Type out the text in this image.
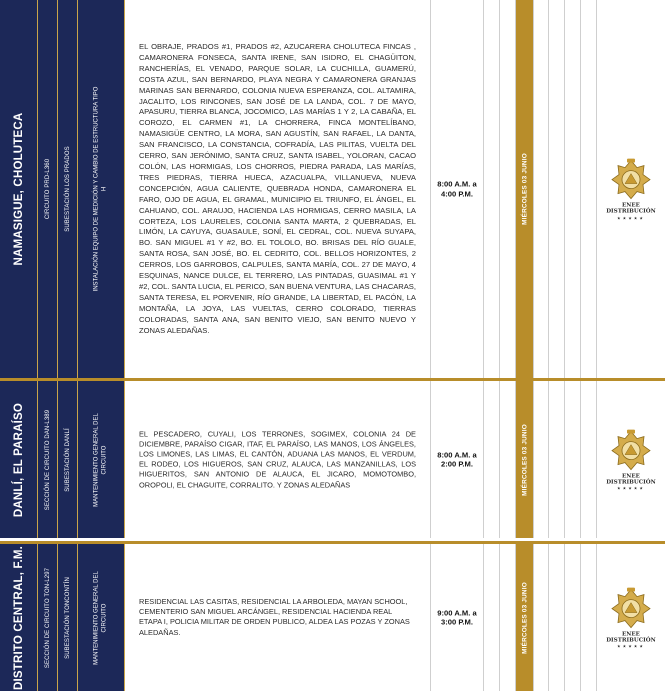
NAMASIGUE, CHOLUTECA	CIRCUITO PRD-L360 SUBESTACIÓN LOS PRADOS	INSTALACIÓN EQUIPO DE MEDICIÓN Y CAMBIO DE ESTRUCTURA TIPO H

EL OBRAJE, PRADOS #1, PRADOS #2, AZUCARERA CHOLUTECA FINCAS , CAMARONERA FONSECA, SANTA IRENE, SAN ISIDRO, EL CHAGÜITON, RANCHERÍAS, EL VENADO, PARQUE SOLAR, LA CUCHILLA, GUAMERÚ, COSTA AZUL, SAN BERNARDO, PLAYA NEGRA Y CAMARONERA GRANJAS MARINAS SAN BERNARDO, COLONIA NUEVA ESPERANZA, COL. ALTAMIRA, JACALITO, LOS RINCONES, SAN JOSÉ DE LA LANDA, COL. 7 DE MAYO, APASURU, TIERRA BLANCA, JOCOMICO, LAS MARÍAS 1 Y 2, LA CABAÑA, EL COROZO, EL CARMEN #1, LA CHORRERA, FINCA MONTELÍBANO, NAMASIGÜE CENTRO, LA MORA, SAN AGUSTÍN, SAN RAFAEL, LA DANTA, SAN FRANCISCO, LA CONSTANCIA, COFRADÍA, LAS PILITAS, VUELTA DEL CERRO, SAN JERÓNIMO, SANTA CRUZ, SANTA ISABEL, YOLORAN, CACAO COLÓN, LAS HORMIGAS, LOS CHORROS, PIEDRA PARADA, LAS MARÍAS, TRES PIEDRAS, TIERRA HUECA, AZACUALPA, VILLANUEVA, NUEVA CONCEPCIÓN, AGUA CALIENTE, QUEBRADA HONDA, CAMARONERA EL FARO, OJO DE AGUA, EL GRAMAL, MUNICIPIO EL TRIUNFO, EL ÁNGEL, EL CAHUANO, COL. ARAUJO, HACIENDA LAS HORMIGAS, CERRO MASILA, LA CORTEZA, LOS LAURELES, COLONIA SANTA MARTA, 2 QUEBRADAS, EL LIMÓN, LA CAYUYA, GUASAULE, SONÍ, EL CEDRAL, COL. NUEVA SUYAPA, BO. SAN MIGUEL #1 Y #2, BO. EL TOLOLO, BO. BRISAS DEL RÍO GUALE, SANTA ROSA, SAN JOSÉ, BO. EL CEDRITO, COL. BELLOS HORIZONTES, 2 CERROS, LOS GARROBOS, CALPULES, SANTA MARÍA, COL. 27 DE MAYO, 4 ESQUINAS, NANCE DULCE, EL TERRERO, LAS PINTADAS, GUASIMAL #1 Y #2, COL. SANTA LUCIA, EL PERICO, SAN BUENA VENTURA, LAS CHACARAS, SANTA TERESA, EL PORVENIR, RÍO GRANDE, LA LIBERTAD, EL PACÓN, LA MONTAÑA, LA JOYA, LAS VUELTAS, CERRO COLORADO, TIERRAS COLORADAS, SANTA ANA, SAN BENITO VIEJO, SAN BENITO NUEVO Y ZONAS ALEDAÑAS.

8:00 A.M. a 4:00 P.M.	MIÉRCOLES 03 JUNIO	ENEE DISTRIBUCIÓN
★★★★★
DANLÍ, EL PARAÍSO	SECCIÓN DE CIRCUITO DAN-L389 SUBESTACIÓN DANLÍ	MANTENIMIENTO GENERAL DEL CIRCUITO

EL PESCADERO, CUYALI, LOS TERRONES, SOGIMEX, COLONIA 24 DE DICIEMBRE, PARAÍSO CIGAR, ITAF, EL PARAÍSO, LAS MANOS, LOS ÁNGELES, LOS LIMONES, LAS LIMAS, EL CANTÓN, ADUANA LAS MANOS, EL VERDUM, EL RODEO, LOS HIGUEROS, SAN CRUZ, ALAUCA, LAS MANZANILLAS, LOS HIGUERITOS, SAN ANTONIO DE ALAUCA, EL JICARO, MOMOTOMBO, OROPOLI, EL CHAGUITE, CORRALITO. Y ZONAS ALEDAÑAS

8:00 A.M. a 2:00 P.M.	MIÉRCOLES 03 JUNIO	ENEE DISTRIBUCIÓN
★★★★★
DISTRITO CENTRAL, F.M.	SECCIÓN DE CIRCUITO TON-L297 SUBESTACIÓN TONCONTÍN	MANTENIMIENTO GENERAL DEL CIRCUITO

RESIDENCIAL LAS CASITAS, RESIDENCIAL LA ARBOLEDA, MAYAN SCHOOL, CEMENTERIO SAN MIGUEL ARCÁNGEL, RESIDENCIAL HACIENDA REAL ETAPA I, POLICIA MILITAR DE ORDEN PUBLICO, ALDEA LAS POZAS Y ZONAS ALEDAÑAS.

9:00 A.M. a 3:00 P.M.	MIÉRCOLES 03 JUNIO	ENEE DISTRIBUCIÓN
★★★★★
